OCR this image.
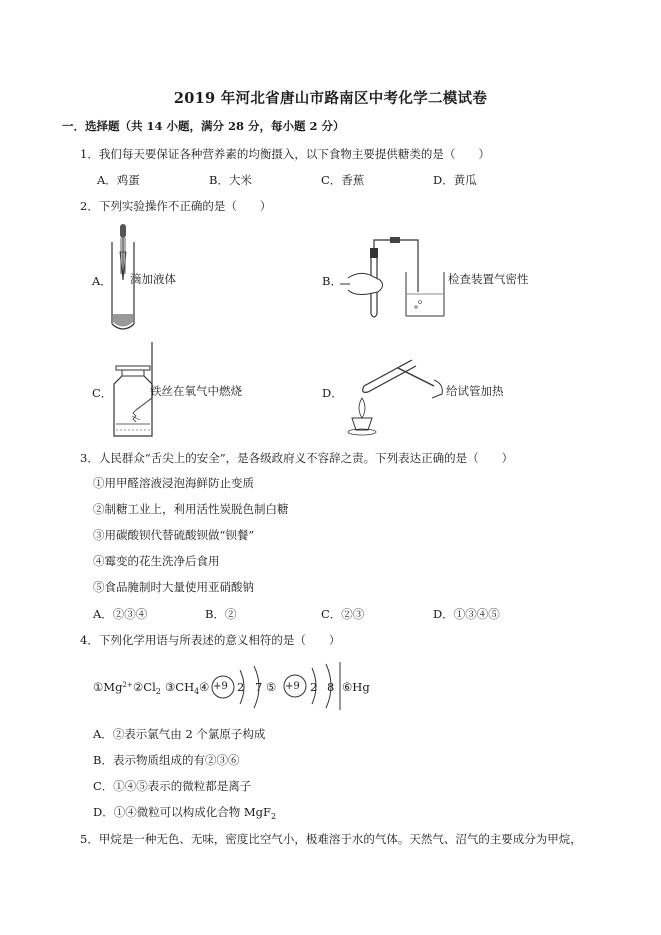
2019 年河北省唐山市路南区中考化学二模试卷
一．选择题（共 14 小题，满分 28 分，每小题 2 分）
1．我们每天要保证各种营养素的均衡摄入，以下食物主要提供糖类的是（　　）
A．鸡蛋	B．大米	C．香蕉	D．黄瓜
2．下列实验操作不正确的是（　　）
A． 滴加液体	B．	检查装置气密性
C．	铁丝在氧气中燃烧	D．	给试管加热
3．人民群众“舌尖上的安全”，是各级政府义不容辞之责。下列表达正确的是（　　）
①用甲醛溶液浸泡海鲜防止变质
②制糖工业上，利用活性炭脱色制白糖
③用碳酸钡代替硫酸钡做“钡餐”
④霉变的花生洗净后食用
⑤食品腌制时大量使用亚硝酸钠
A．②③④	B．②	C．②③	D．①③④⑤
4．下列化学用语与所表述的意义相符的是（　　）
$①Mg^{2+}$ $②Cl_2$ $③CH_4$ ④ +9 2 7 ⑤ +9 2 8 ⑥Hg
A．②表示氯气由 2 个氯原子构成
B．表示物质组成的有②③⑥
C．①④⑤表示的微粒都是离子
D．①④微粒可以构成化合物 MgF$_2$
5．甲烷是一种无色、无味，密度比空气小，极难溶于水的气体。天然气、沼气的主要成分为甲烷，
